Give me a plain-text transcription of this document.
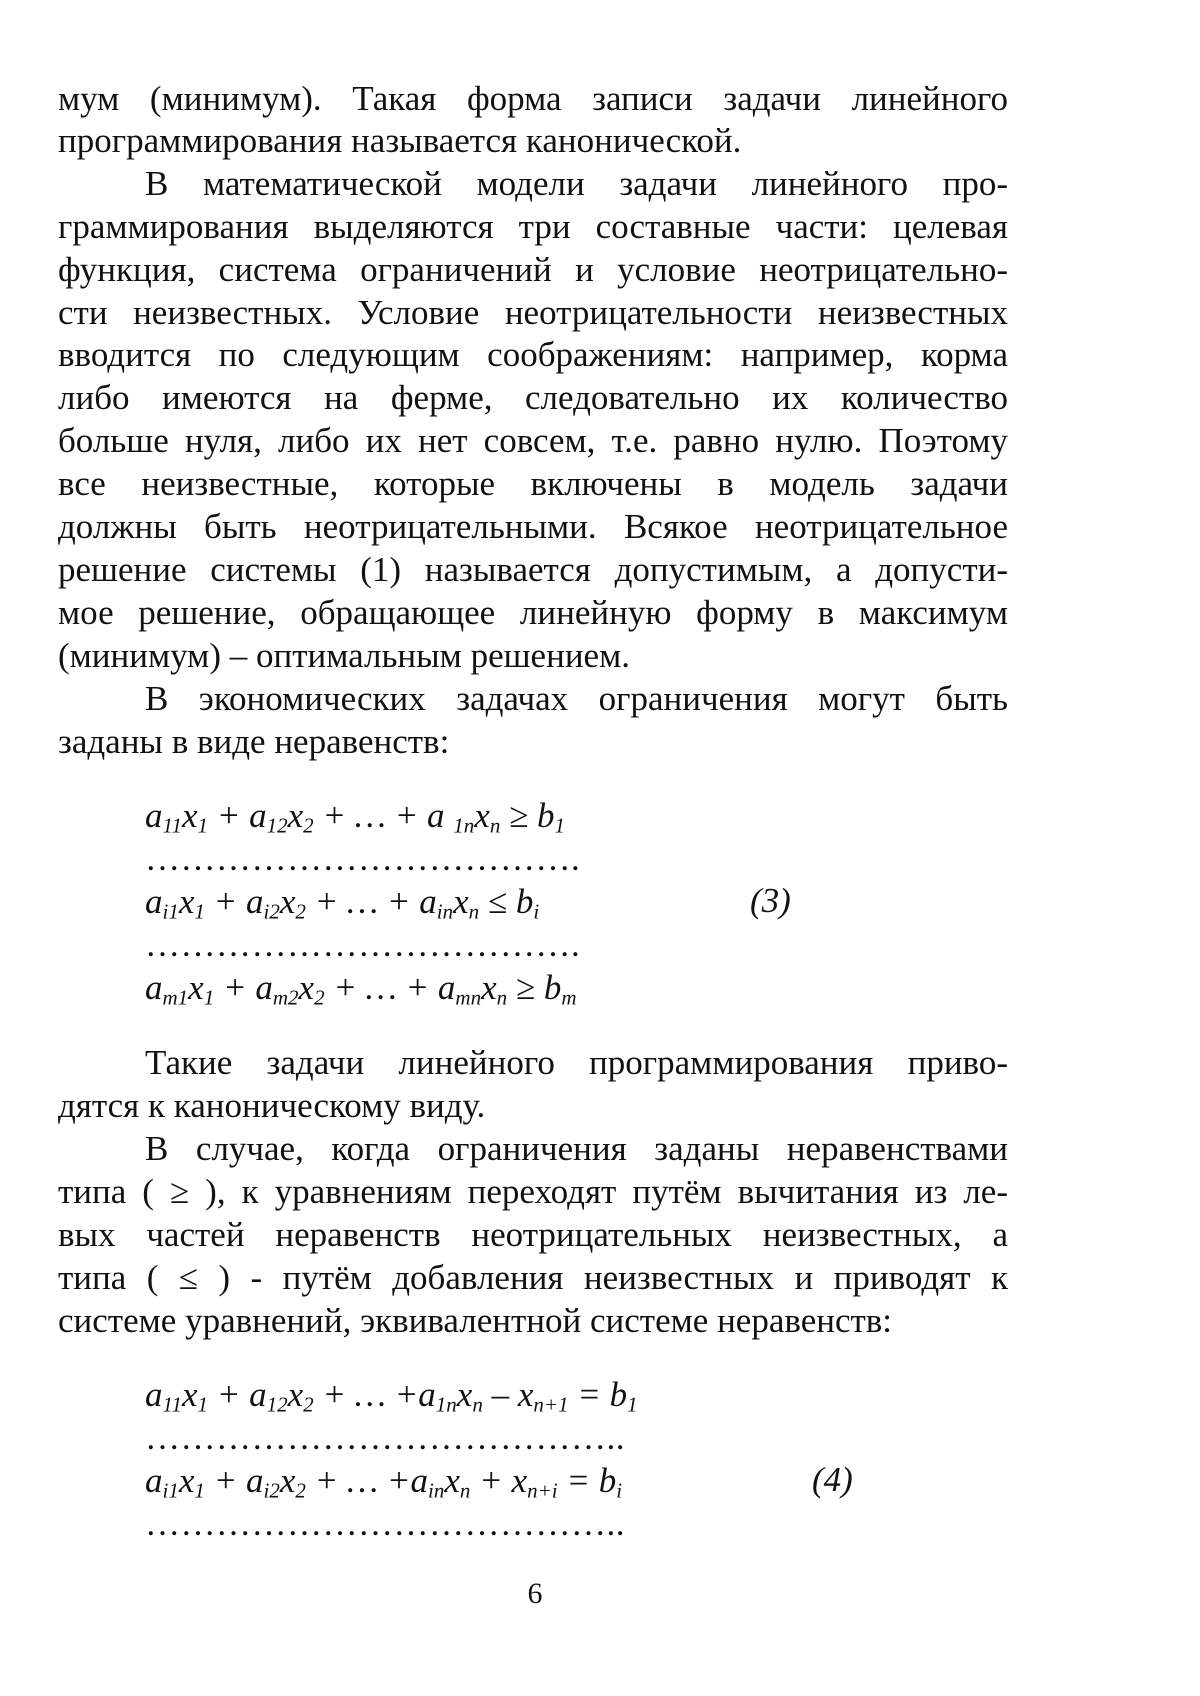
мум (минимум). Такая форма записи задачи линейного

программирования называется канонической.

В математической модели задачи линейного про-

граммирования выделяются три составные части: целевая

функция, система ограничений и условие неотрицательно-

сти неизвестных. Условие неотрицательности неизвестных

вводится по следующим соображениям: например, корма

либо имеются на ферме, следовательно их количество

больше нуля, либо их нет совсем, т.е. равно нулю. Поэтому

все неизвестные, которые включены в модель задачи

должны быть неотрицательными. Всякое неотрицательное

решение системы (1) называется допустимым, а допусти-

мое решение, обращающее линейную форму в максимум

(минимум) – оптимальным решением.

В экономических задачах ограничения могут быть

заданы в виде неравенств:

$a_{11}x_1 + a_{12}x_2$ + … + a $_{1n}x_n \ge b_1$

……………………………….

$a_{i1}x_1 + a_{i2}x_2$ + … + $a_{in}x_n \le b_i$	(3)

……………………………….

$a_{m1}x_1 + a_{m2}x_2$ + … + $a_{mn}x_n \ge b_m$

Такие задачи линейного программирования приво-

дятся к каноническому виду.

В случае, когда ограничения заданы неравенствами

типа ( ≥ ), к уравнениям переходят путём вычитания из ле-

вых частей неравенств неотрицательных неизвестных, а

типа ( ≤ ) - путём добавления неизвестных и приводят к

системе уравнений, эквивалентной системе неравенств:

$a_{11}x_1 + a_{12}x_2$ + … $+a_{1n}x_n - x_{n+1} = b_1$

…………………………………..

$a_{i1}x_1 + a_{i2}x_2$ + … $+a_{in}x_n + x_{n+i} = b_i$	(4)

…………………………………..

6
